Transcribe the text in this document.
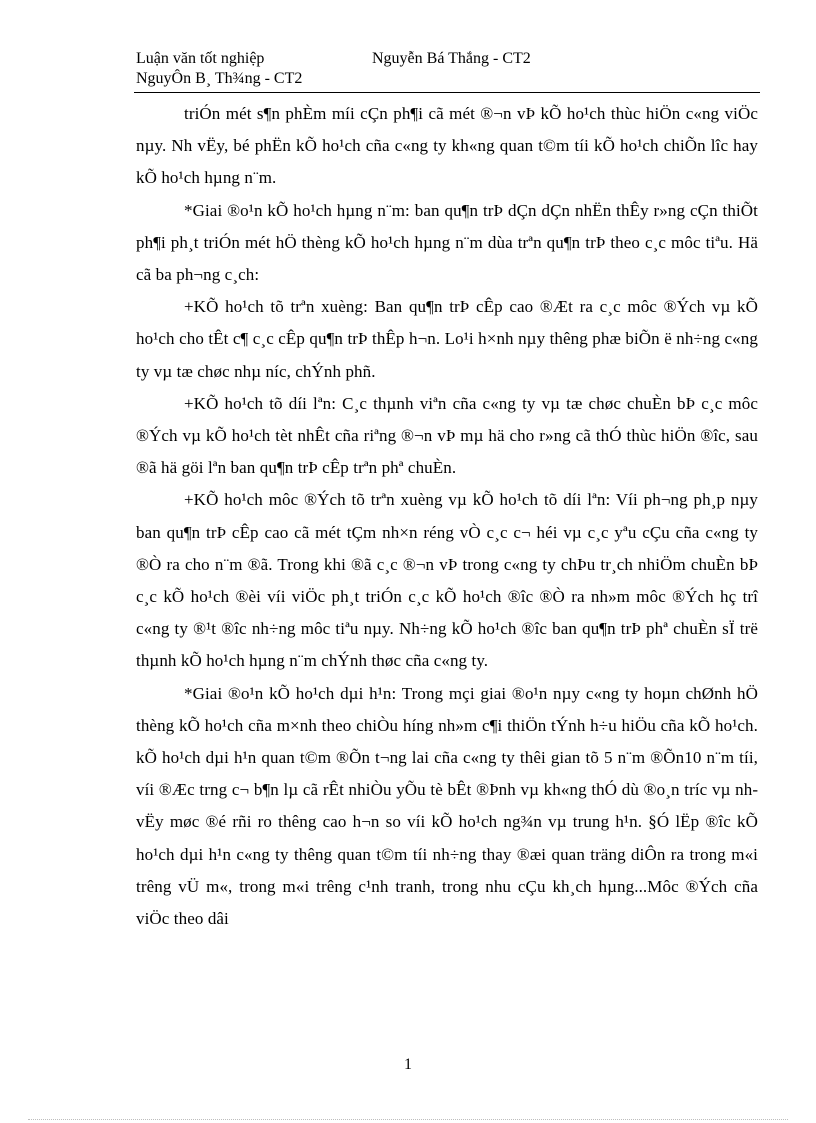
Luận văn tốt nghiệp	Nguyễn Bá Thắng - CT2
NguyÔn B¸ Th¾ng - CT2

triÓn mét s¶n phÈm míi cÇn ph¶i cã mét ®¬n vÞ kÕ ho¹ch thùc hiÖn c«ng viÖc nµy. Nh vËy, bé phËn kÕ ho¹ch cña c«ng ty kh«ng quan t©m tíi kÕ ho¹ch chiÕn lîc hay kÕ ho¹ch hµng n¨m.

*Giai ®o¹n kÕ ho¹ch hµng n¨m: ban qu¶n trÞ dÇn dÇn nhËn thÊy r»ng cÇn thiÕt ph¶i ph¸t triÓn mét hÖ thèng kÕ ho¹ch hµng n¨m dùa trªn qu¶n trÞ theo c¸c môc tiªu. Hä cã ba ph¬ng c¸ch:

+KÕ ho¹ch tõ trªn xuèng: Ban qu¶n trÞ cÊp cao ®Æt ra c¸c môc ®Ých vµ kÕ ho¹ch cho tÊt c¶ c¸c cÊp qu¶n trÞ thÊp h¬n. Lo¹i h×nh nµy thêng phæ biÕn ë nh÷ng c«ng ty vµ tæ chøc nhµ níc, chÝnh phñ.

+KÕ ho¹ch tõ díi lªn: C¸c thµnh viªn cña c«ng ty vµ tæ chøc chuÈn bÞ c¸c môc ®Ých vµ kÕ ho¹ch tèt nhÊt cña riªng ®¬n vÞ mµ hä cho r»ng cã thÓ thùc hiÖn ®îc, sau ®ã hä göi lªn ban qu¶n trÞ cÊp trªn phª chuÈn.

+KÕ ho¹ch môc ®Ých tõ trªn xuèng vµ kÕ ho¹ch tõ díi lªn: Víi ph¬ng ph¸p nµy ban qu¶n trÞ cÊp cao cã mét tÇm nh×n réng vÒ c¸c c¬ héi vµ c¸c yªu cÇu cña c«ng ty ®Ò ra cho n¨m ®ã. Trong khi ®ã c¸c ®¬n vÞ trong c«ng ty chÞu tr¸ch nhiÖm chuÈn bÞ c¸c kÕ ho¹ch ®èi víi viÖc ph¸t triÓn c¸c kÕ ho¹ch ®îc ®Ò ra nh»m môc ®Ých hç trî c«ng ty ®¹t ®îc nh÷ng môc tiªu nµy. Nh÷ng kÕ ho¹ch ®îc ban qu¶n trÞ phª chuÈn sÏ trë thµnh kÕ ho¹ch hµng n¨m chÝnh thøc cña c«ng ty.

*Giai ®o¹n kÕ ho¹ch dµi h¹n: Trong mçi giai ®o¹n nµy c«ng ty hoµn chØnh hÖ thèng kÕ ho¹ch cña m×nh theo chiÒu híng nh»m c¶i thiÖn tÝnh h÷u hiÖu cña kÕ ho¹ch. kÕ ho¹ch dµi h¹n quan t©m ®Õn t¬ng lai cña c«ng ty thêi gian tõ 5 n¨m ®Õn10 n¨m tíi, víi ®Æc trng c¬ b¶n lµ cã rÊt nhiÒu yÕu tè bÊt ®Þnh vµ kh«ng thÓ dù ®o¸n tríc vµ nh vËy møc ®é rñi ro thêng cao h¬n so víi kÕ ho¹ch ng¾n vµ trung h¹n. §Ó lËp ®îc kÕ ho¹ch dµi h¹n c«ng ty thêng quan t©m tíi nh÷ng thay ®æi quan träng diÔn ra trong m«i trêng vÜ m«, trong m«i trêng c¹nh tranh, trong nhu cÇu kh¸ch hµng...Môc ®Ých cña viÖc theo dâi

1
